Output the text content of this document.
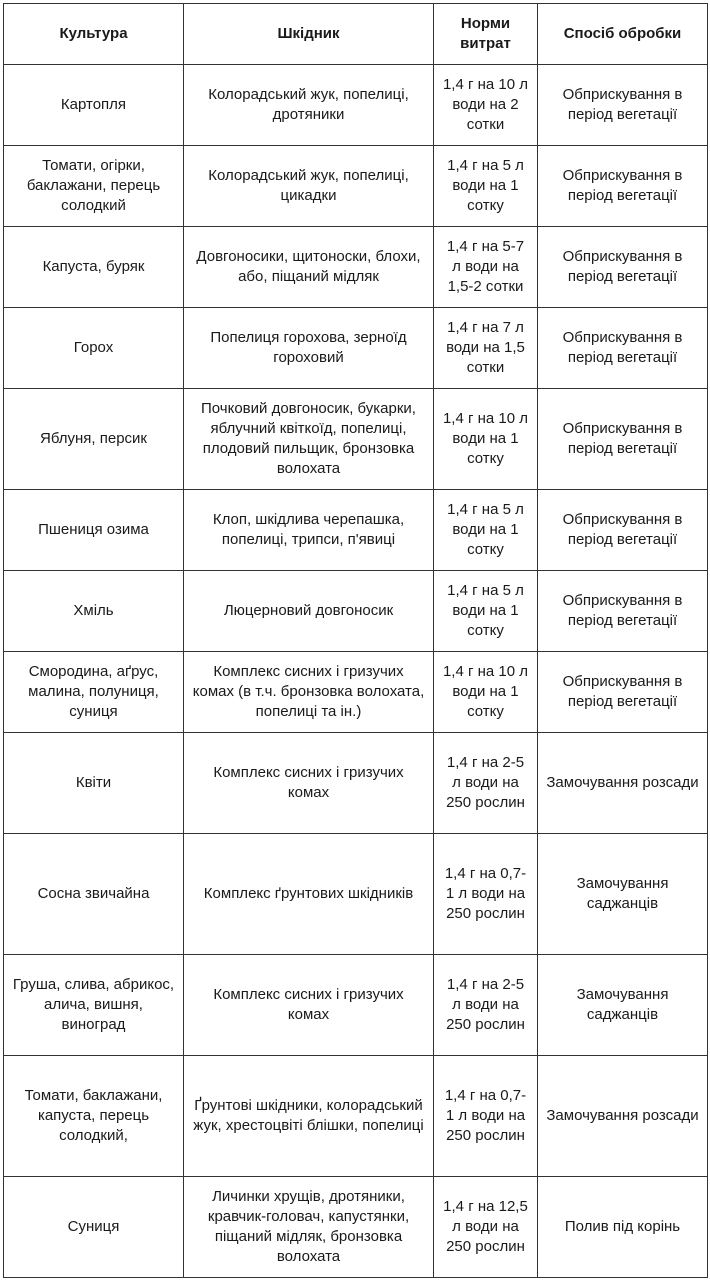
Культура	Шкідник	Норми витрат	Спосіб обробки
Картопля	Колорадський жук, попелиці, дротяники	1,4 г на 10 л води на 2 сотки	Обприскування в період вегетації
Томати, огірки, баклажани, перець солодкий	Колорадський жук, попелиці, цикадки	1,4 г на 5 л води на 1 сотку	Обприскування в період вегетації
Капуста, буряк	Довгоносики, щитоноски, блохи, або, піщаний мідляк	1,4 г на 5-7 л води на 1,5-2 сотки	Обприскування в період вегетації
Горох	Попелиця горохова, зерноїд гороховий	1,4 г на 7 л води на 1,5 сотки	Обприскування в період вегетації
Яблуня, персик	Почковий довгоносик, букарки, яблучний квіткоїд, попелиці, плодовий пильщик, бронзовка волохата	1,4 г на 10 л води на 1 сотку	Обприскування в період вегетації
Пшениця озима	Клоп, шкідлива черепашка, попелиці, трипси, п'явиці	1,4 г на 5 л води на 1 сотку	Обприскування в період вегетації
Хміль	Люцерновий довгоносик	1,4 г на 5 л води на 1 сотку	Обприскування в період вегетації
Смородина, аґрус, малина, полуниця, суниця	Комплекс сисних і гризучих комах (в т.ч. бронзовка волохата, попелиці та ін.)	1,4 г на 10 л води на 1 сотку	Обприскування в період вегетації
Квіти	Комплекс сисних і гризучих комах	1,4 г на 2-5 л води на 250 рослин	Замочування розсади
Сосна звичайна	Комплекс ґрунтових шкідників	1,4 г на 0,7-1 л води на 250 рослин	Замочування саджанців
Груша, слива, абрикос, алича, вишня, виноград	Комплекс сисних і гризучих комах	1,4 г на 2-5 л води на 250 рослин	Замочування саджанців
Томати, баклажани, капуста, перець солодкий,	Ґрунтові шкідники, колорадський жук, хрестоцвіті блішки, попелиці	1,4 г на 0,7-1 л води на 250 рослин	Замочування розсади
Суниця	Личинки хрущів, дротяники, кравчик-головач, капустянки, піщаний мідляк, бронзовка волохата	1,4 г на 12,5 л води на 250 рослин	Полив під корінь
